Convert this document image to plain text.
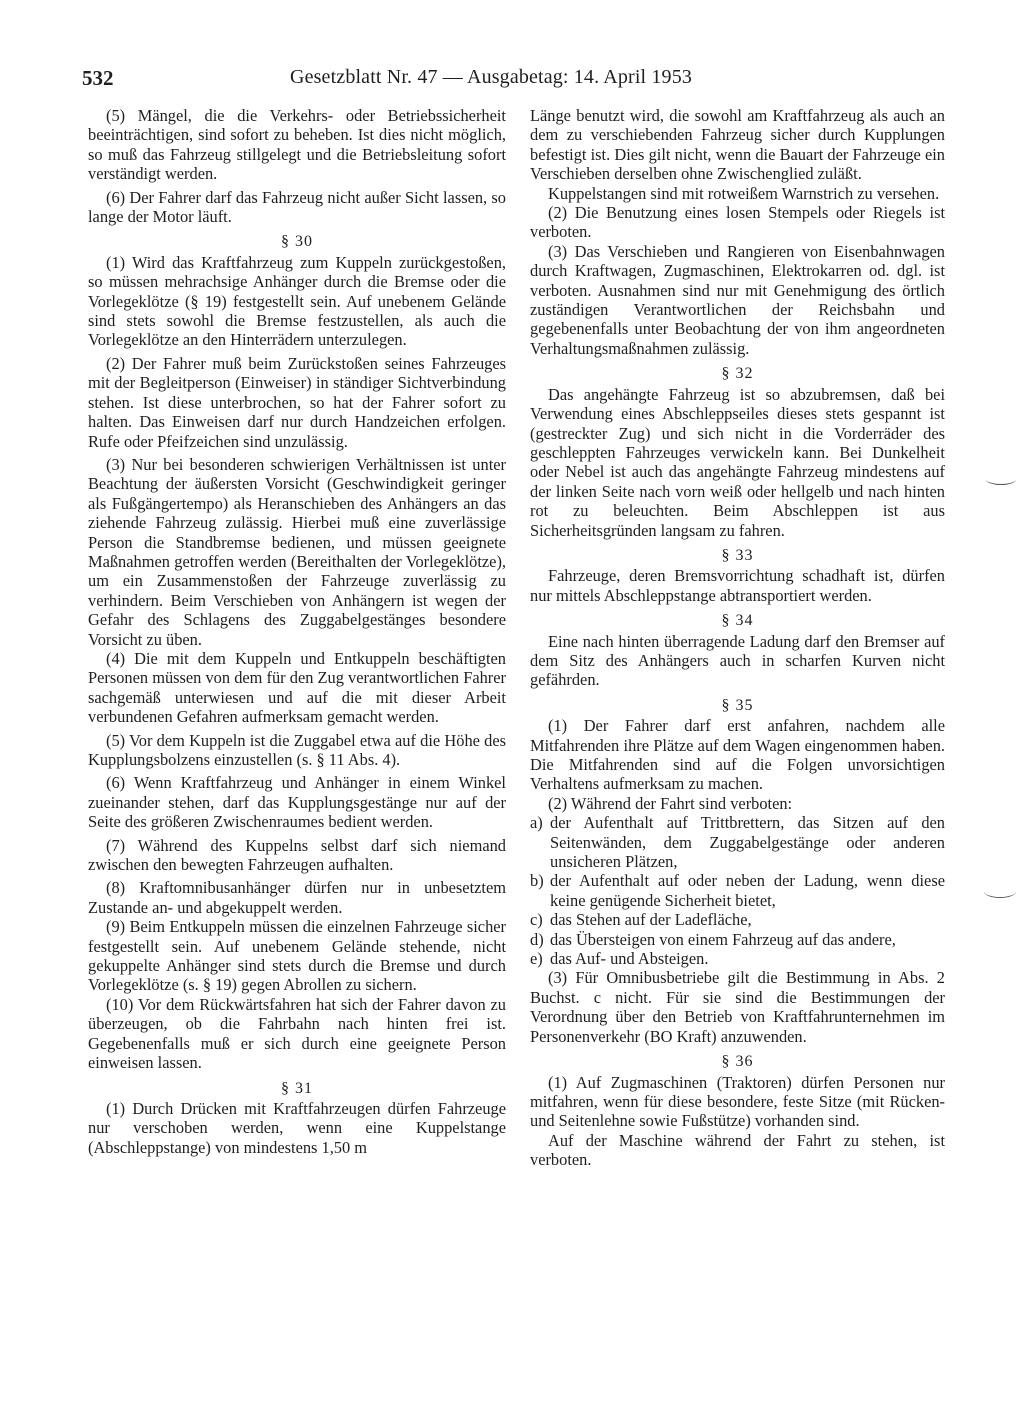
532	Gesetzblatt Nr. 47 — Ausgabetag: 14. April 1953

(5) Mängel, die die Verkehrs- oder Betriebssicherheit beeinträchtigen, sind sofort zu beheben. Ist dies nicht möglich, so muß das Fahrzeug stillgelegt und die Betriebsleitung sofort verständigt werden.

(6) Der Fahrer darf das Fahrzeug nicht außer Sicht lassen, so lange der Motor läuft.

§ 30

(1) Wird das Kraftfahrzeug zum Kuppeln zurückgestoßen, so müssen mehrachsige Anhänger durch die Bremse oder die Vorlegeklötze (§ 19) festgestellt sein. Auf unebenem Gelände sind stets sowohl die Bremse festzustellen, als auch die Vorlegeklötze an den Hinterrädern unterzulegen.

(2) Der Fahrer muß beim Zurückstoßen seines Fahrzeuges mit der Begleitperson (Einweiser) in ständiger Sichtverbindung stehen. Ist diese unterbrochen, so hat der Fahrer sofort zu halten. Das Einweisen darf nur durch Handzeichen erfolgen. Rufe oder Pfeifzeichen sind unzulässig.

(3) Nur bei besonderen schwierigen Verhältnissen ist unter Beachtung der äußersten Vorsicht (Geschwindigkeit geringer als Fußgängertempo) als Heranschieben des Anhängers an das ziehende Fahrzeug zulässig. Hierbei muß eine zuverlässige Person die Standbremse bedienen, und müssen geeignete Maßnahmen getroffen werden (Bereithalten der Vorlegeklötze), um ein Zusammenstoßen der Fahrzeuge zuverlässig zu verhindern. Beim Verschieben von Anhängern ist wegen der Gefahr des Schlagens des Zuggabelgestänges besondere Vorsicht zu üben.

(4) Die mit dem Kuppeln und Entkuppeln beschäftigten Personen müssen von dem für den Zug verantwortlichen Fahrer sachgemäß unterwiesen und auf die mit dieser Arbeit verbundenen Gefahren aufmerksam gemacht werden.

(5) Vor dem Kuppeln ist die Zuggabel etwa auf die Höhe des Kupplungsbolzens einzustellen (s. § 11 Abs. 4).

(6) Wenn Kraftfahrzeug und Anhänger in einem Winkel zueinander stehen, darf das Kupplungsgestänge nur auf der Seite des größeren Zwischenraumes bedient werden.

(7) Während des Kuppelns selbst darf sich niemand zwischen den bewegten Fahrzeugen aufhalten.

(8) Kraftomnibusanhänger dürfen nur in unbesetztem Zustande an- und abgekuppelt werden.

(9) Beim Entkuppeln müssen die einzelnen Fahrzeuge sicher festgestellt sein. Auf unebenem Gelände stehende, nicht gekuppelte Anhänger sind stets durch die Bremse und durch Vorlegeklötze (s. § 19) gegen Abrollen zu sichern.

(10) Vor dem Rückwärtsfahren hat sich der Fahrer davon zu überzeugen, ob die Fahrbahn nach hinten frei ist. Gegebenenfalls muß er sich durch eine geeignete Person einweisen lassen.

§ 31

(1) Durch Drücken mit Kraftfahrzeugen dürfen Fahrzeuge nur verschoben werden, wenn eine Kuppelstange (Abschleppstange) von mindestens 1,50 m

Länge benutzt wird, die sowohl am Kraftfahrzeug als auch an dem zu verschiebenden Fahrzeug sicher durch Kupplungen befestigt ist. Dies gilt nicht, wenn die Bauart der Fahrzeuge ein Verschieben derselben ohne Zwischenglied zuläßt.

Kuppelstangen sind mit rotweißem Warnstrich zu versehen.

(2) Die Benutzung eines losen Stempels oder Riegels ist verboten.

(3) Das Verschieben und Rangieren von Eisenbahnwagen durch Kraftwagen, Zugmaschinen, Elektrokarren od. dgl. ist verboten. Ausnahmen sind nur mit Genehmigung des örtlich zuständigen Verantwortlichen der Reichsbahn und gegebenenfalls unter Beobachtung der von ihm angeordneten Verhaltungsmaßnahmen zulässig.

§ 32

Das angehängte Fahrzeug ist so abzubremsen, daß bei Verwendung eines Abschleppseiles dieses stets gespannt ist (gestreckter Zug) und sich nicht in die Vorderräder des geschleppten Fahrzeuges verwickeln kann. Bei Dunkelheit oder Nebel ist auch das angehängte Fahrzeug mindestens auf der linken Seite nach vorn weiß oder hellgelb und nach hinten rot zu beleuchten. Beim Abschleppen ist aus Sicherheitsgründen langsam zu fahren.

§ 33

Fahrzeuge, deren Bremsvorrichtung schadhaft ist, dürfen nur mittels Abschleppstange abtransportiert werden.

§ 34

Eine nach hinten überragende Ladung darf den Bremser auf dem Sitz des Anhängers auch in scharfen Kurven nicht gefährden.

§ 35

(1) Der Fahrer darf erst anfahren, nachdem alle Mitfahrenden ihre Plätze auf dem Wagen eingenommen haben. Die Mitfahrenden sind auf die Folgen unvorsichtigen Verhaltens aufmerksam zu machen.

(2) Während der Fahrt sind verboten:

a) der Aufenthalt auf Trittbrettern, das Sitzen auf den Seitenwänden, dem Zuggabelgestänge oder anderen unsicheren Plätzen,
b) der Aufenthalt auf oder neben der Ladung, wenn diese keine genügende Sicherheit bietet,
c) das Stehen auf der Ladefläche,
d) das Übersteigen von einem Fahrzeug auf das andere,
e) das Auf- und Absteigen.

(3) Für Omnibusbetriebe gilt die Bestimmung in Abs. 2 Buchst. c nicht. Für sie sind die Bestimmungen der Verordnung über den Betrieb von Kraftfahrunternehmen im Personenverkehr (BO Kraft) anzuwenden.

§ 36

(1) Auf Zugmaschinen (Traktoren) dürfen Personen nur mitfahren, wenn für diese besondere, feste Sitze (mit Rücken- und Seitenlehne sowie Fußstütze) vorhanden sind.

Auf der Maschine während der Fahrt zu stehen, ist verboten.
